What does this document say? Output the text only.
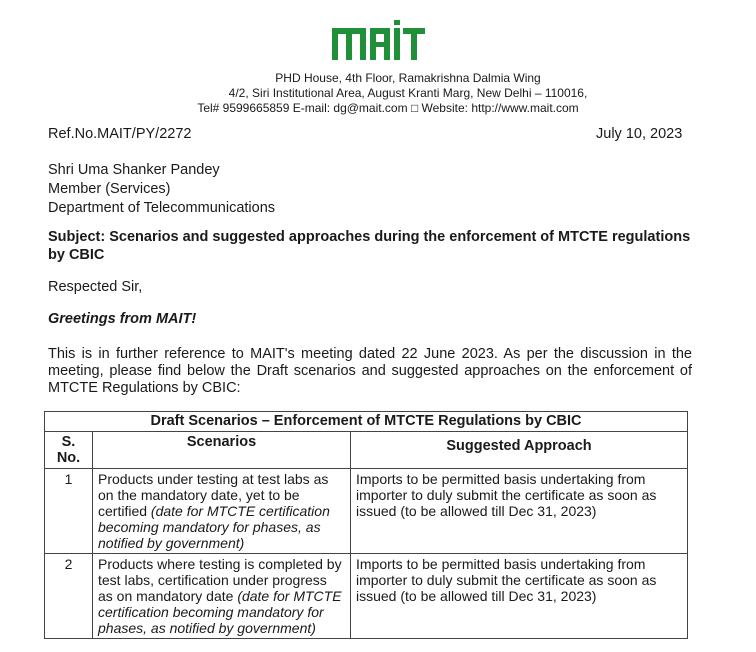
PHD House, 4th Floor, Ramakrishna Dalmia Wing
4/2, Siri Institutional Area, August Kranti Marg, New Delhi – 110016,
Tel# 9599665859 E-mail: dg@mait.com □ Website: http://www.mait.com
Ref.No.MAIT/PY/2272	July 10, 2023
Shri Uma Shanker Pandey
Member (Services)
Department of Telecommunications
Subject: Scenarios and suggested approaches during the enforcement of MTCTE regulations by CBIC
Respected Sir,
Greetings from MAIT!
This is in further reference to MAIT's meeting dated 22 June 2023. As per the discussion in the meeting, please find below the Draft scenarios and suggested approaches on the enforcement of MTCTE Regulations by CBIC:
Draft Scenarios – Enforcement of MTCTE Regulations by CBIC		
S. No.	Scenarios	Suggested Approach
1	Products under testing at test labs as on the mandatory date, yet to be certified (date for MTCTE certification becoming mandatory for phases, as notified by government)	Imports to be permitted basis undertaking from importer to duly submit the certificate as soon as issued (to be allowed till Dec 31, 2023)
2	Products where testing is completed by test labs, certification under progress as on mandatory date (date for MTCTE certification becoming mandatory for phases, as notified by government)	Imports to be permitted basis undertaking from importer to duly submit the certificate as soon as issued (to be allowed till Dec 31, 2023)
